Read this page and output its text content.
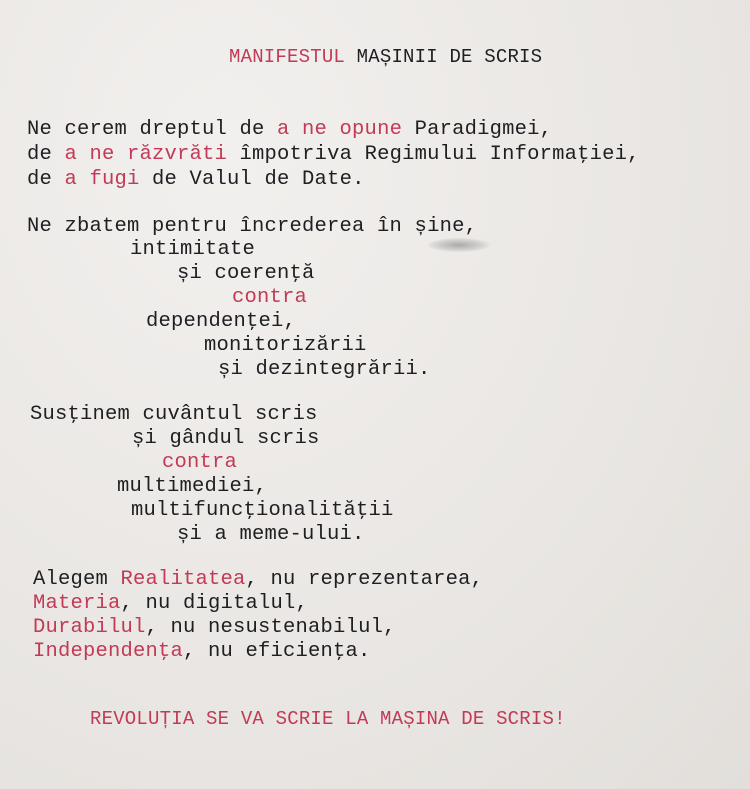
MANIFESTUL MAȘINII DE SCRIS
Ne cerem dreptul de a ne opune Paradigmei,
de a ne răzvrăti împotriva Regimului Informaţiei,
de a fugi de Valul de Date.
Ne zbatem pentru încrederea în șine,
intimitate
și coerenţă
contra
dependenţei,
monitorizării
și dezintegrării.
Susţinem cuvântul scris
și gândul scris
contra
multimediei,
multifuncţionalităţii
și a meme-ului.
Alegem Realitatea, nu reprezentarea,
Materia, nu digitalul,
Durabilul, nu nesustenabilul,
Independenţa, nu eficienţa.
REVOLUȚIA SE VA SCRIE LA MAȘINA DE SCRIS!
